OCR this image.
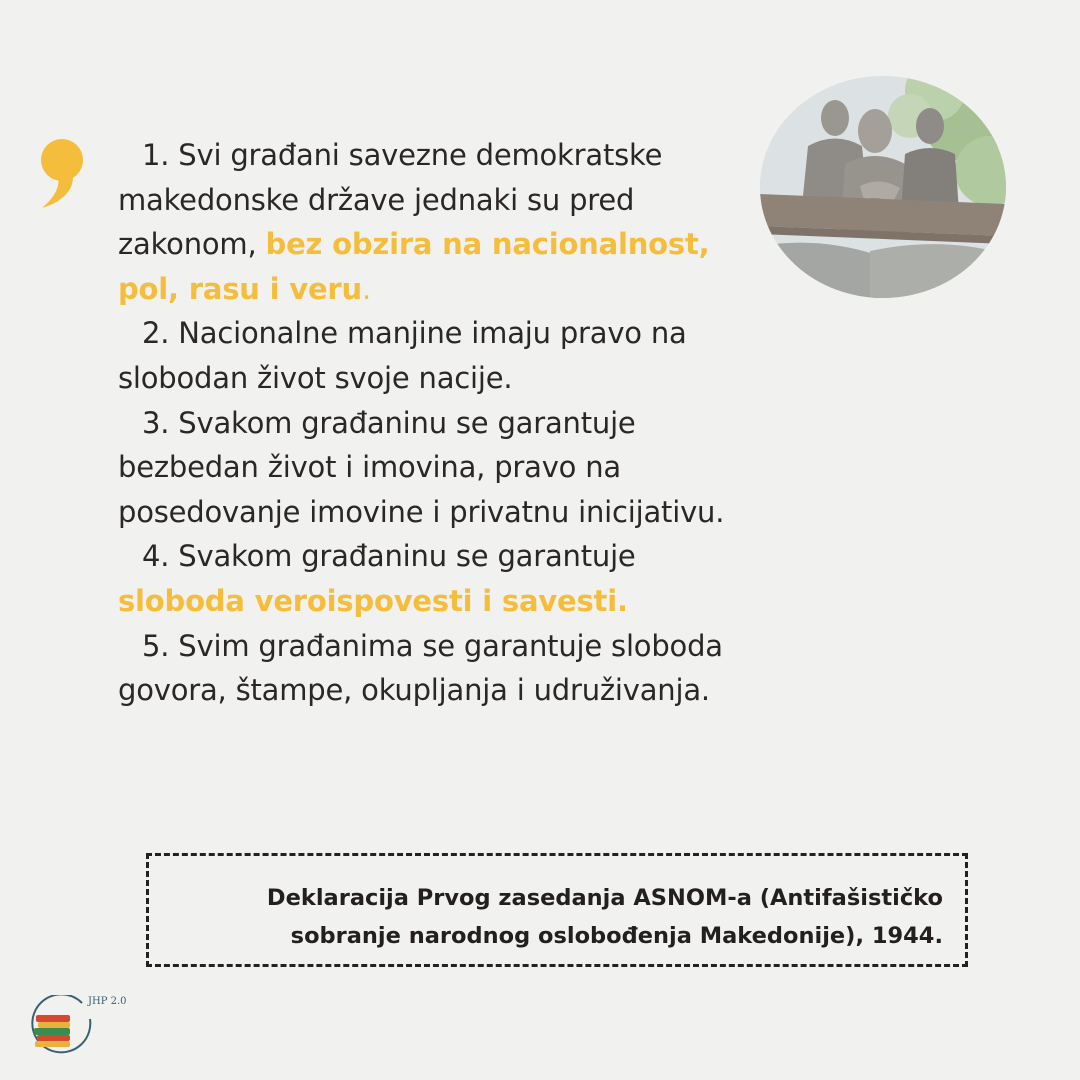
1. Svi građani savezne demokratske

makedonske države jednaki su pred

zakonom, bez obzira na nacionalnost,

pol, rasu i veru.

2. Nacionalne manjine imaju pravo na

slobodan život svoje nacije.

3. Svakom građaninu se garantuje

bezbedan život i imovina, pravo na

posedovanje imovine i privatnu inicijativu.

4. Svakom građaninu se garantuje

sloboda veroispovesti i savesti.

5. Svim građanima se garantuje sloboda

govora, štampe, okupljanja i udruživanja.

Deklaracija Prvog zasedanja ASNOM-a (Antifašističko
sobranje narodnog oslobođenja Makedonije), 1944.
JHP 2.0
